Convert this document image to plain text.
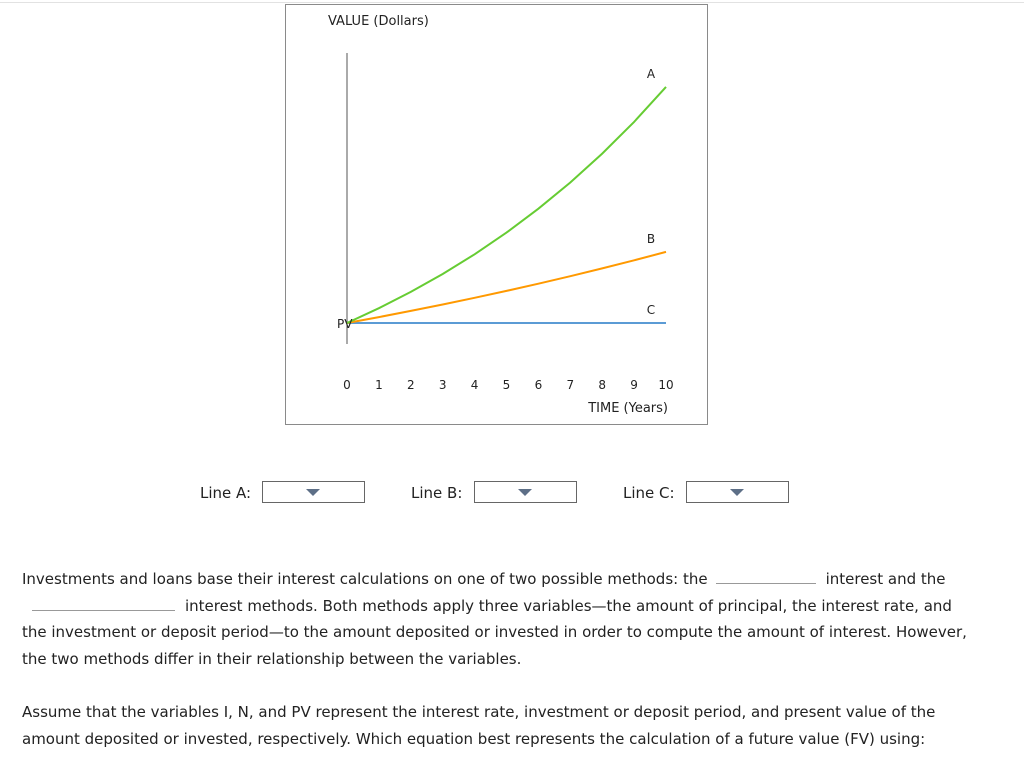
VALUE (Dollars)
C
B
A
0 1 2 3 4 5 6 7 8 9 10
PV
TIME (Years)
Line A:	Line B:	Line C:

Investments and loans base their interest calculations on one of two possible methods: the	interest and theinterest methods. Both methods apply three variables—the amount of principal, the interest rate, and the investment or deposit period—to the amount deposited or invested in order to compute the amount of interest. However, the two methods differ in their relationship between the variables.

Assume that the variables I, N, and PV represent the interest rate, investment or deposit period, and present value of the amount deposited or invested, respectively. Which equation best represents the calculation of a future value (FV) using:
